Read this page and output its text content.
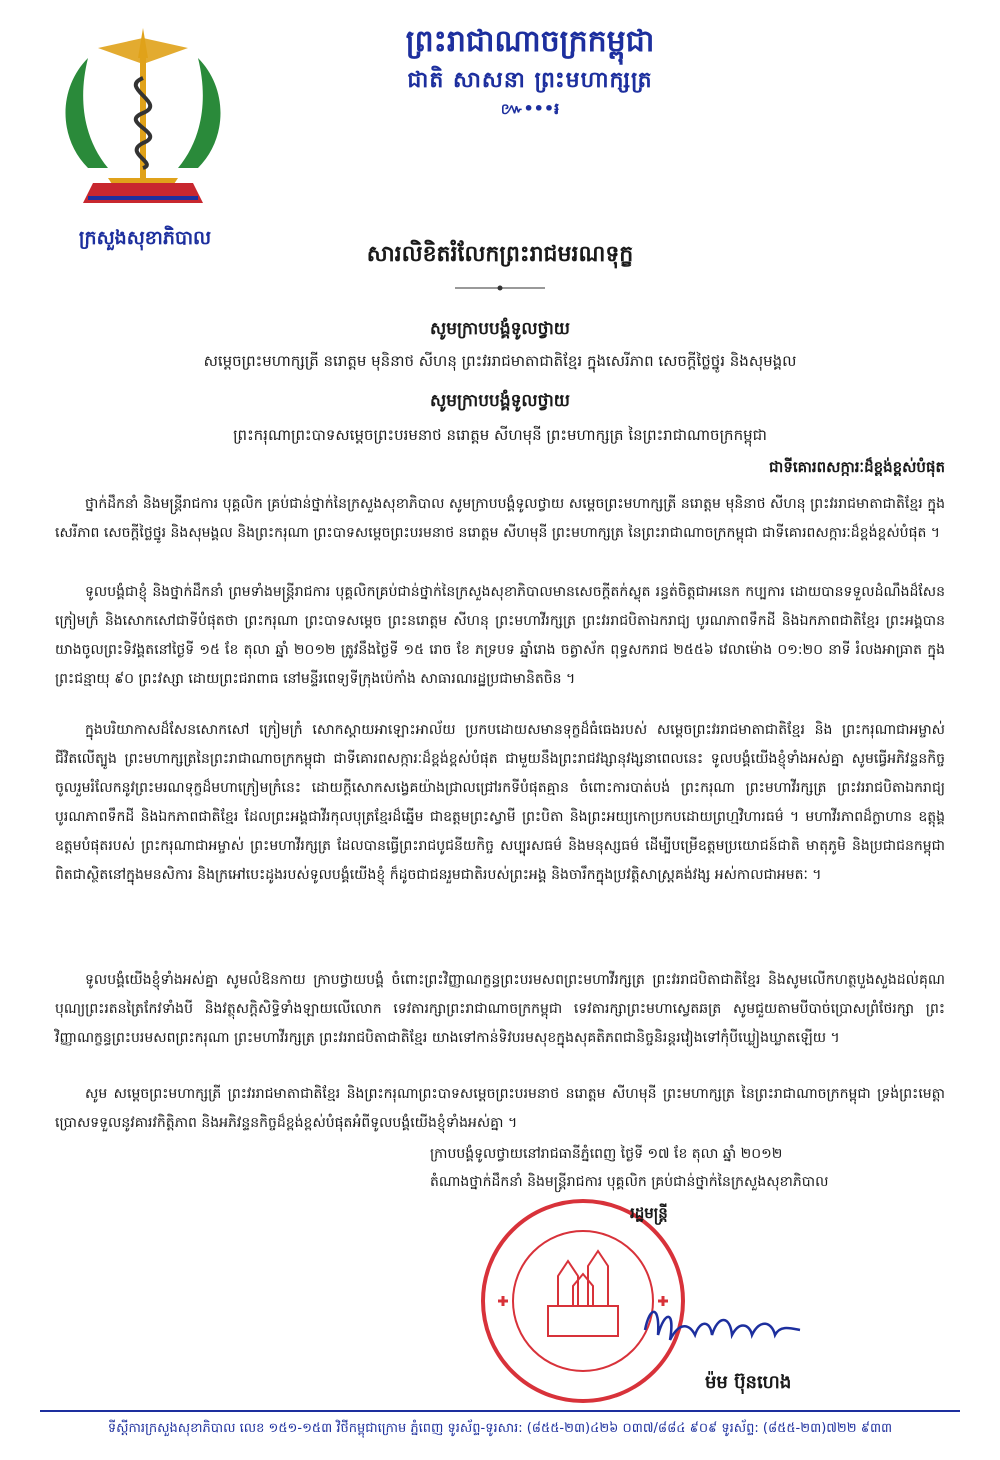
ក្រសួងសុខាភិបាល
ព្រះរាជាណាចក្រកម្ពុជា
ជាតិ សាសនា ព្រះមហាក្សត្រ
៚•••៛
សារលិខិតរំលែកព្រះរាជមរណទុក្ខ
សូមក្រាបបង្គំទូលថ្វាយ
សម្តេចព្រះមហាក្សត្រី នរោត្តម មុនិនាថ សីហនុ ព្រះវររាជមាតាជាតិខ្មែរ ក្នុងសេរីភាព សេចក្តីថ្លៃថ្នូរ និងសុមង្គល
សូមក្រាបបង្គំទូលថ្វាយ
ព្រះករុណាព្រះបាទសម្តេចព្រះបរមនាថ នរោត្តម សីហមុនី ព្រះមហាក្សត្រ នៃព្រះរាជាណាចក្រកម្ពុជា
ជាទីគោរពសក្ការៈដ៏ខ្ពង់ខ្ពស់បំផុត
ថ្នាក់ដឹកនាំ និងមន្ត្រីរាជការ បុគ្គលិក គ្រប់ជាន់ថ្នាក់នៃក្រសួងសុខាភិបាល សូមក្រាបបង្គំទូលថ្វាយ សម្តេចព្រះមហាក្សត្រី នរោត្តម មុនិនាថ សីហនុ ព្រះវររាជមាតាជាតិខ្មែរ ក្នុងសេរីភាព សេចក្តីថ្លៃថ្នូរ និងសុមង្គល និងព្រះករុណា ព្រះបាទសម្តេចព្រះបរមនាថ នរោត្តម សីហមុនី ព្រះមហាក្សត្រ នៃព្រះរាជាណាចក្រកម្ពុជា ជាទីគោរពសក្ការៈដ៏ខ្ពង់ខ្ពស់បំផុត ។
ទូលបង្គំជាខ្ញុំ និងថ្នាក់ដឹកនាំ ព្រមទាំងមន្ត្រីរាជការ បុគ្គលិកគ្រប់ជាន់ថ្នាក់នៃក្រសួងសុខាភិបាលមានសេចក្តីតក់ស្លុត រន្ធត់ចិត្តជាអនេក កប្បការ ដោយបានទទួលដំណឹងដ៏សែនក្រៀមក្រំ និងសោកសៅជាទីបំផុតថា ព្រះករុណា ព្រះបាទសម្តេច ព្រះនរោត្តម សីហនុ ព្រះមហាវីរក្សត្រ ព្រះវររាជបិតាឯករាជ្យ បូរណភាពទឹកដី និងឯកភាពជាតិខ្មែរ ព្រះអង្គបានយាងចូលព្រះទិវង្គតនៅថ្ងៃទី ១៥ ខែ តុលា ឆ្នាំ ២០១២ ត្រូវនឹងថ្ងៃទី ១៥ រោច ខែ ភទ្របទ ឆ្នាំរោង ចត្វាស័ក ពុទ្ធសករាជ ២៥៥៦ វេលាម៉ោង ០១:២០ នាទី រំលងអាធ្រាត ក្នុងព្រះជន្មាយុ ៩០ ព្រះវស្សា ដោយព្រះជរាពាធ នៅមន្ទីរពេទ្យទីក្រុងប៉េកាំង សាធារណរដ្ឋប្រជាមានិតចិន ។
ក្នុងបរិយាកាសដ៏សែនសោកសៅ ក្រៀមក្រំ សោកស្តាយអាឡោះអាល័យ ប្រកបដោយសមានទុក្ខដ៏ធំធេងរបស់ សម្តេចព្រះវររាជមាតាជាតិខ្មែរ និង ព្រះករុណាជាអម្ចាស់ជីវិតលើត្បូង ព្រះមហាក្សត្រនៃព្រះរាជាណាចក្រកម្ពុជា ជាទីគោរពសក្ការៈដ៏ខ្ពង់ខ្ពស់បំផុត ជាមួយនឹងព្រះរាជវង្សានុវង្សនាពេលនេះ ទូលបង្គំយើងខ្ញុំទាំងអស់គ្នា សូមធ្វើអភិវន្ទនកិច្ច ចូលរួមរំលែកនូវព្រះមរណទុក្ខដ៏មហាក្រៀមក្រំនេះ ដោយក្តីសោកសង្វេគយ៉ាងជ្រាលជ្រៅរកទីបំផុតគ្មាន ចំពោះការបាត់បង់ ព្រះករុណា ព្រះមហាវីរក្សត្រ ព្រះវររាជបិតាឯករាជ្យ បូរណភាពទឹកដី និងឯកភាពជាតិខ្មែរ ដែលព្រះអង្គជាវីរកុលបុត្រខ្មែរដ៏ឆ្នើម ជាឧត្តមព្រះស្វាមី ព្រះបិតា និងព្រះអយ្យកោប្រកបដោយព្រហ្មវិហារធម៌ ។ មហាវីរភាពដ៏ក្លាហាន ឧត្តុង្គឧត្តមបំផុតរបស់ ព្រះករុណាជាអម្ចាស់ ព្រះមហាវីរក្សត្រ ដែលបានធ្វើព្រះរាជបូជនីយកិច្ច សប្បុរសធម៌ និងមនុស្សធម៌ ដើម្បីបម្រើឧត្តមប្រយោជន៍ជាតិ មាតុភូមិ និងប្រជាជនកម្ពុជា ពិតជាស្ថិតនៅក្នុងមនសិការ និងក្រអៅបេះដូងរបស់ទូលបង្គំយើងខ្ញុំ ក៏ដូចជាជនរួមជាតិរបស់ព្រះអង្គ និងចារឹកក្នុងប្រវត្តិសាស្ត្រគង់វង្ស អស់កាលជាអមតៈ ។
ទូលបង្គំយើងខ្ញុំទាំងអស់គ្នា សូមលំឱនកាយ ក្រាបថ្វាយបង្គំ ចំពោះព្រះវិញ្ញាណក្ខន្ធព្រះបរមសពព្រះមហាវីរក្សត្រ ព្រះវររាជបិតាជាតិខ្មែរ និងសូមលើកហត្ថបួងសួងដល់គុណបុណ្យព្រះរតនត្រៃកែវទាំងបី និងវត្ថុសក្តិសិទ្ធិទាំងឡាយលើលោក ទេវតារក្សាព្រះរាជាណាចក្រកម្ពុជា ទេវតារក្សាព្រះមហាស្វេតឆត្រ សូមជួយតាមបីបាច់ប្រោសព្រំថែរក្សា ព្រះវិញ្ញាណក្ខន្ធព្រះបរមសពព្រះករុណា ព្រះមហាវីរក្សត្រ ព្រះវររាជបិតាជាតិខ្មែរ យាងទៅកាន់ទិវបរមសុខក្នុងសុគតិភពជានិច្ចនិរន្តរវៀងទៅកុំបីឃ្លៀងឃ្លាតឡើយ ។
សូម សម្តេចព្រះមហាក្សត្រី ព្រះវររាជមាតាជាតិខ្មែរ និងព្រះករុណាព្រះបាទសម្តេចព្រះបរមនាថ នរោត្តម សីហមុនី ព្រះមហាក្សត្រ នៃព្រះរាជាណាចក្រកម្ពុជា ទ្រង់ព្រះមេត្តាប្រោសទទួលនូវគារវកិត្តិភាព និងអភិវន្ទនកិច្ចដ៏ខ្ពង់ខ្ពស់បំផុតអំពីទូលបង្គំយើងខ្ញុំទាំងអស់គ្នា ។
ក្រាបបង្គំទូលថ្វាយនៅរាជធានីភ្នំពេញ ថ្ងៃទី ១៧ ខែ តុលា ឆ្នាំ ២០១២
តំណាងថ្នាក់ដឹកនាំ និងមន្ត្រីរាជការ បុគ្គលិក គ្រប់ជាន់ថ្នាក់នៃក្រសួងសុខាភិបាល
រដ្ឋមន្ត្រី
ម៉ម ប៊ុនហេង
ទីស្តីការក្រសួងសុខាភិបាល លេខ ១៥១-១៥៣ វិថីកម្ពុជាក្រោម ភ្នំពេញ ទូរស័ព្ទ-ទូរសារ: (៨៥៥-២៣)៤២៦ ០៣៧/៨៨៤ ៩០៩ ទូរស័ព្ទ: (៨៥៥-២៣)៧២២ ៩៣៣
